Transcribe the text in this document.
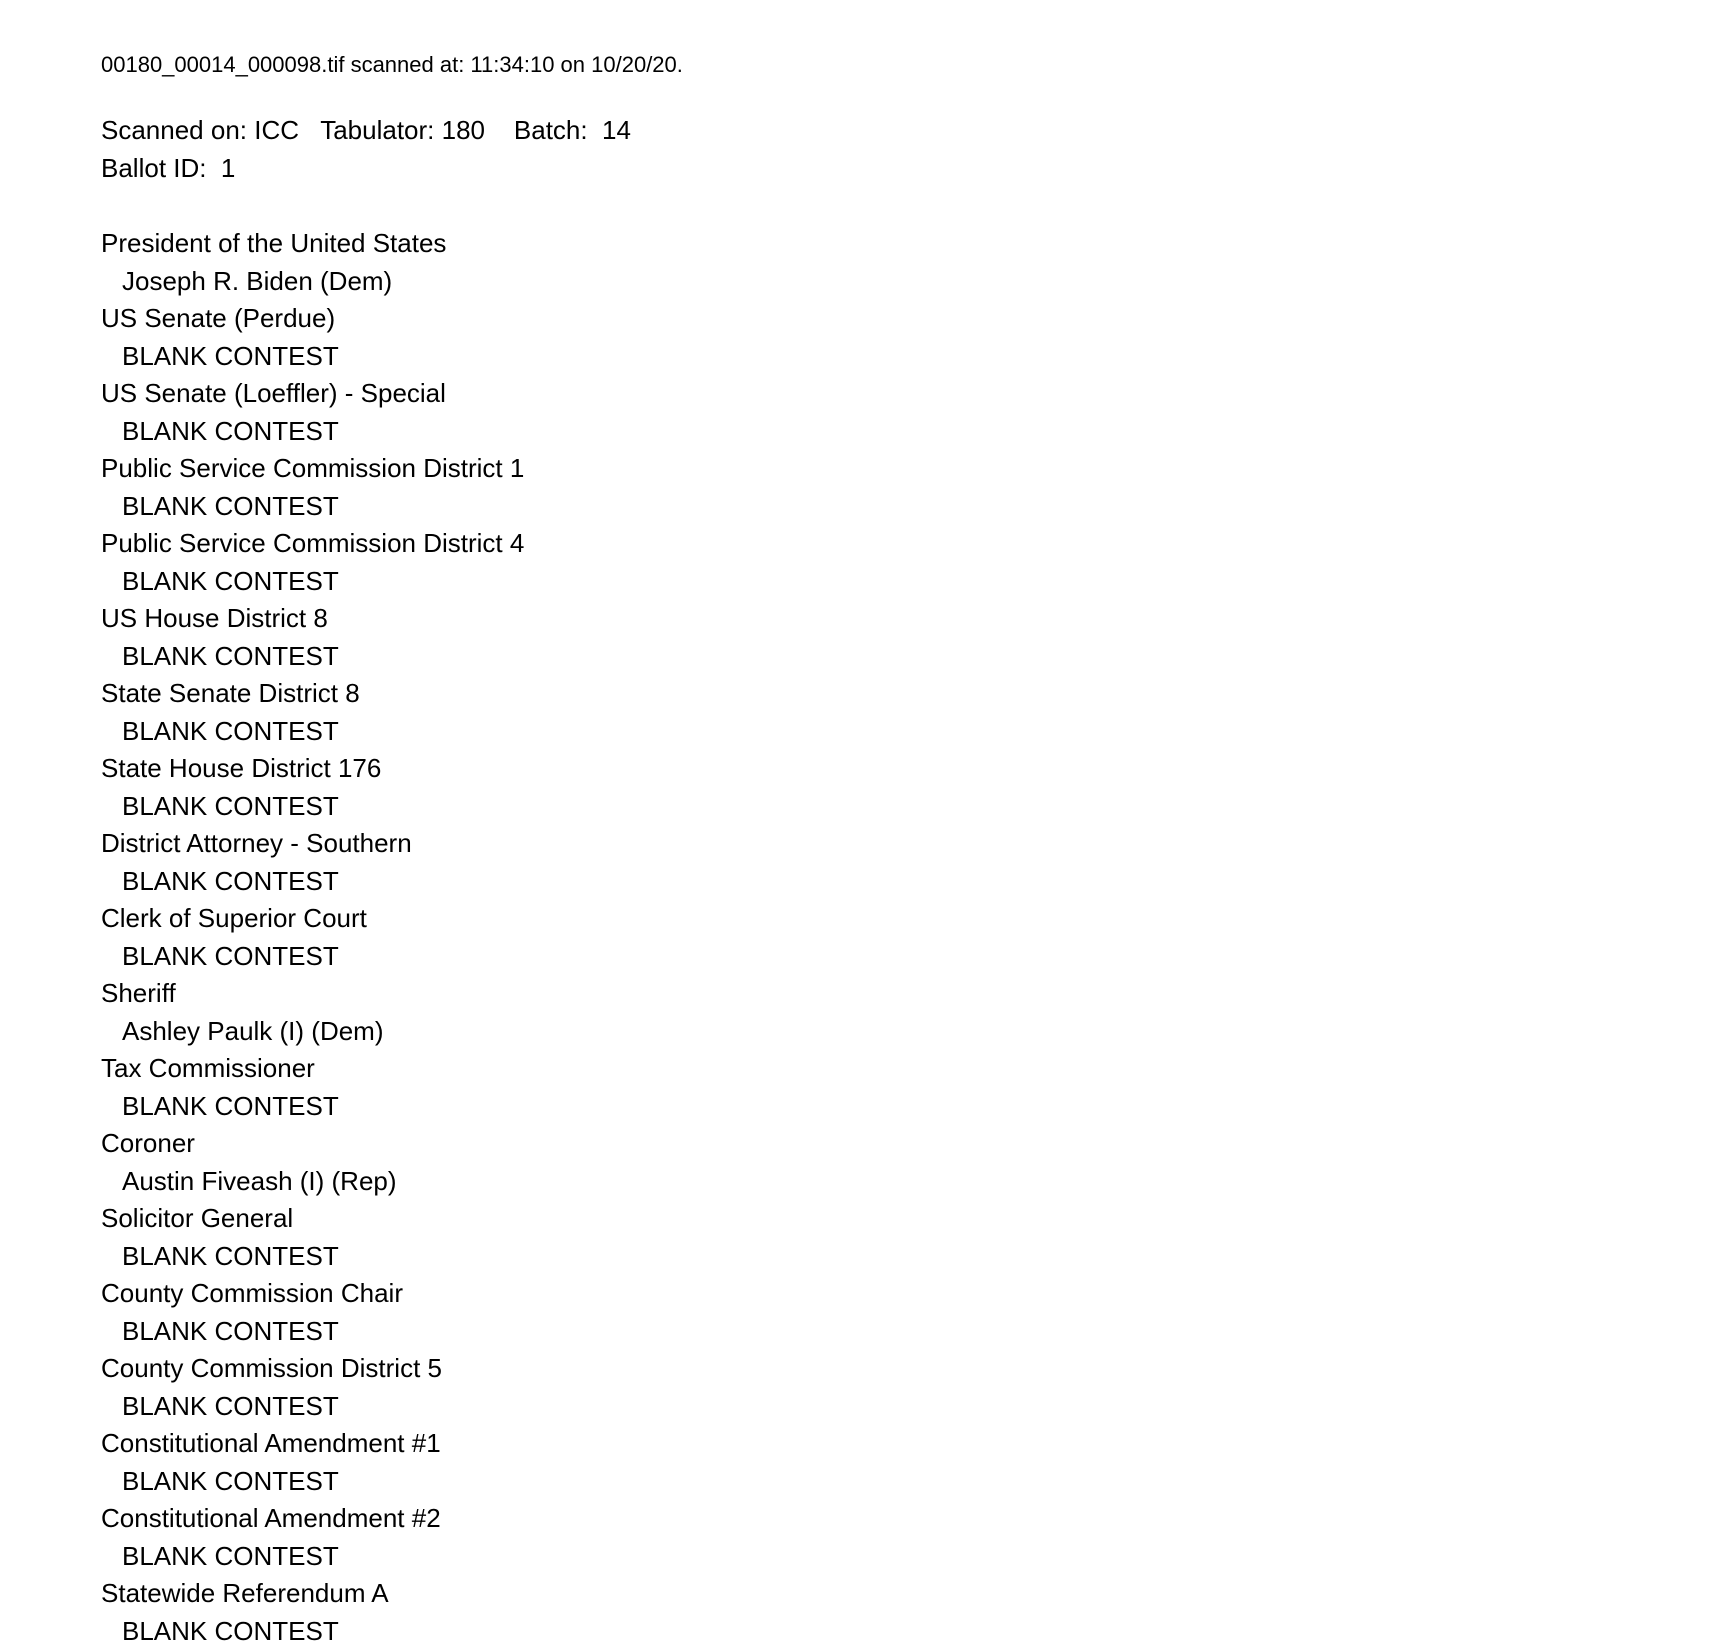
00180_00014_000098.tif scanned at: 11:34:10 on 10/20/20.
Scanned on: ICC   Tabulator: 180    Batch:  14
Ballot ID:  1
President of the United States
Joseph R. Biden (Dem)
US Senate (Perdue)
BLANK CONTEST
US Senate (Loeffler) - Special
BLANK CONTEST
Public Service Commission District 1
BLANK CONTEST
Public Service Commission District 4
BLANK CONTEST
US House District 8
BLANK CONTEST
State Senate District 8
BLANK CONTEST
State House District 176
BLANK CONTEST
District Attorney - Southern
BLANK CONTEST
Clerk of Superior Court
BLANK CONTEST
Sheriff
Ashley Paulk (I) (Dem)
Tax Commissioner
BLANK CONTEST
Coroner
Austin Fiveash (I) (Rep)
Solicitor General
BLANK CONTEST
County Commission Chair
BLANK CONTEST
County Commission District 5
BLANK CONTEST
Constitutional Amendment #1
BLANK CONTEST
Constitutional Amendment #2
BLANK CONTEST
Statewide Referendum A
BLANK CONTEST
